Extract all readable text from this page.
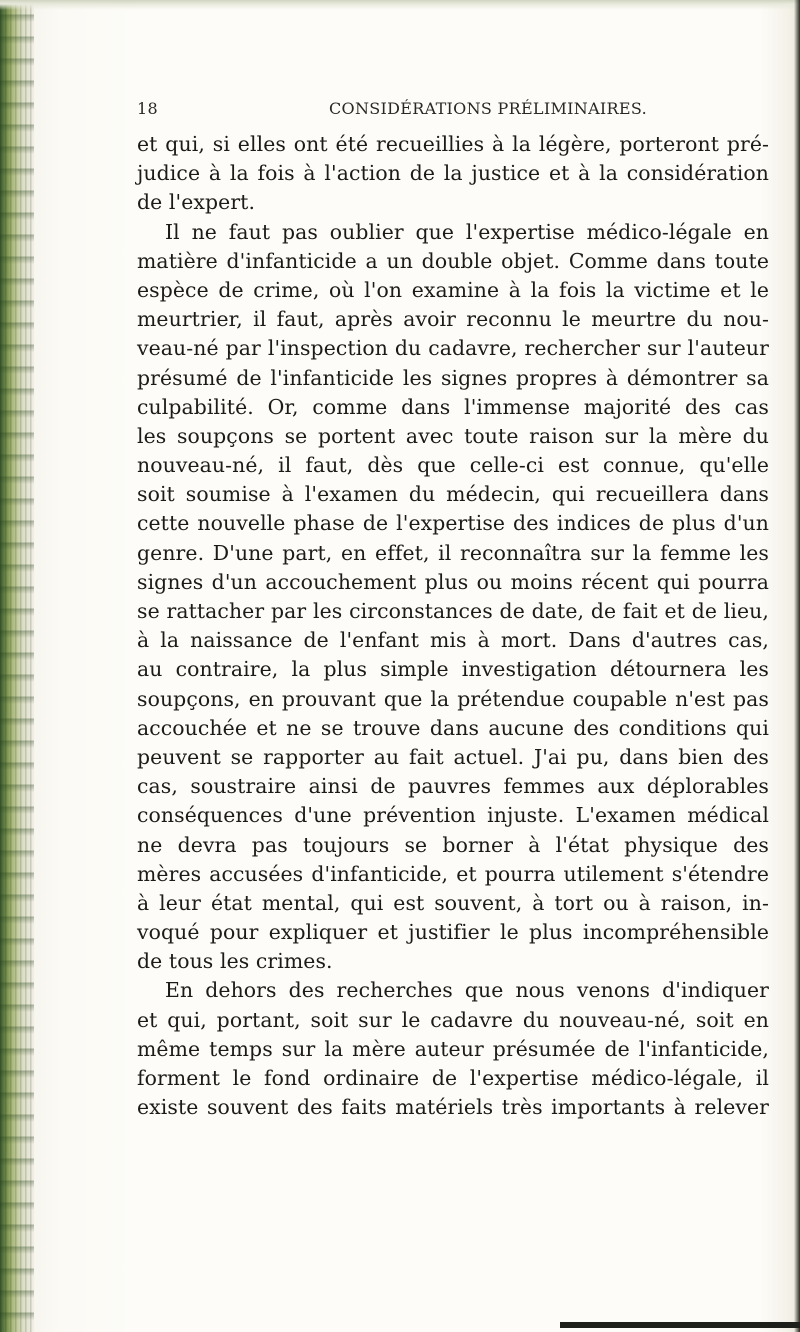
18	CONSIDÉRATIONS PRÉLIMINAIRES.
et qui, si elles ont été recueillies à la légère, porteront pré-
judice à la fois à l'action de la justice et à la considération
de l'expert.
Il ne faut pas oublier que l'expertise médico-légale en
matière d'infanticide a un double objet. Comme dans toute
espèce de crime, où l'on examine à la fois la victime et le
meurtrier, il faut, après avoir reconnu le meurtre du nou-
veau-né par l'inspection du cadavre, rechercher sur l'auteur
présumé de l'infanticide les signes propres à démontrer sa
culpabilité. Or, comme dans l'immense majorité des cas
les soupçons se portent avec toute raison sur la mère du
nouveau-né, il faut, dès que celle-ci est connue, qu'elle
soit soumise à l'examen du médecin, qui recueillera dans
cette nouvelle phase de l'expertise des indices de plus d'un
genre. D'une part, en effet, il reconnaîtra sur la femme les
signes d'un accouchement plus ou moins récent qui pourra
se rattacher par les circonstances de date, de fait et de lieu,
à la naissance de l'enfant mis à mort. Dans d'autres cas,
au contraire, la plus simple investigation détournera les
soupçons, en prouvant que la prétendue coupable n'est pas
accouchée et ne se trouve dans aucune des conditions qui
peuvent se rapporter au fait actuel. J'ai pu, dans bien des
cas, soustraire ainsi de pauvres femmes aux déplorables
conséquences d'une prévention injuste. L'examen médical
ne devra pas toujours se borner à l'état physique des
mères accusées d'infanticide, et pourra utilement s'étendre
à leur état mental, qui est souvent, à tort ou à raison, in-
voqué pour expliquer et justifier le plus incompréhensible
de tous les crimes.
En dehors des recherches que nous venons d'indiquer
et qui, portant, soit sur le cadavre du nouveau-né, soit en
même temps sur la mère auteur présumée de l'infanticide,
forment le fond ordinaire de l'expertise médico-légale, il
existe souvent des faits matériels très importants à relever
